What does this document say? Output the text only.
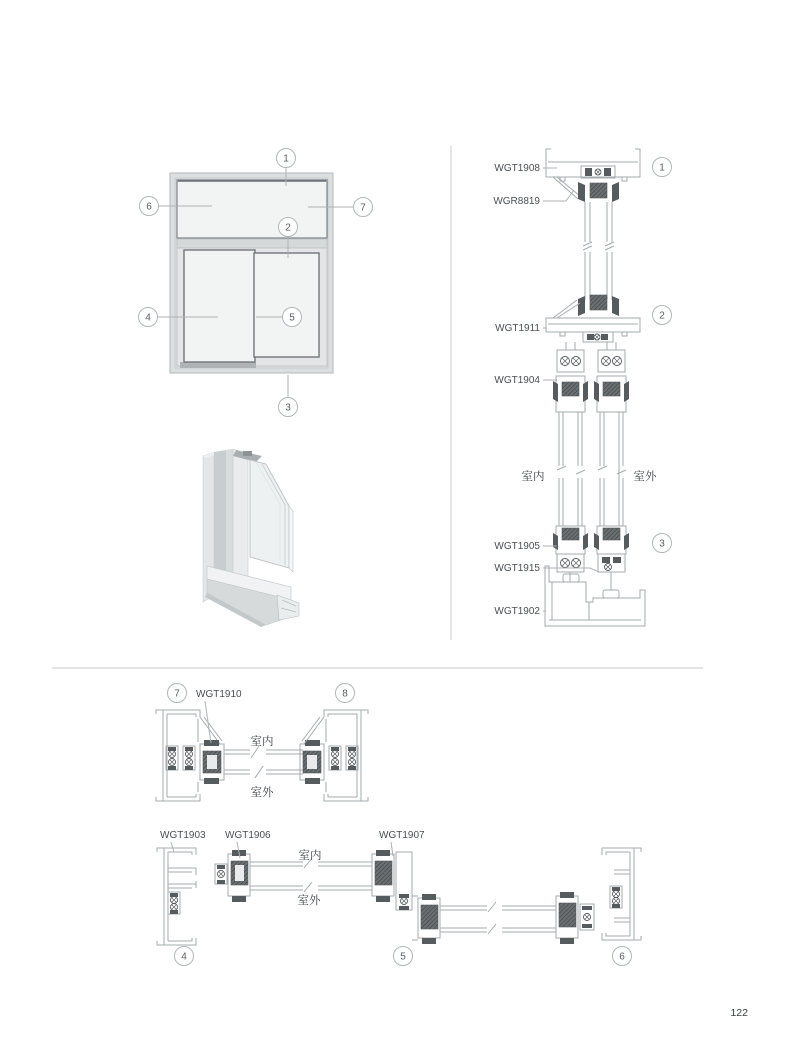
1
2
3
4	5
6	7
WGT1908
WGR8819
WGT1911
WGT1904
WGT1905
WGT1915
WGT1902
室内	室外
1
2
3
WGT1910
室内
室外
7	8
WGT1903 WGT1906	WGT1907
室内
室外
4	5	6
122
